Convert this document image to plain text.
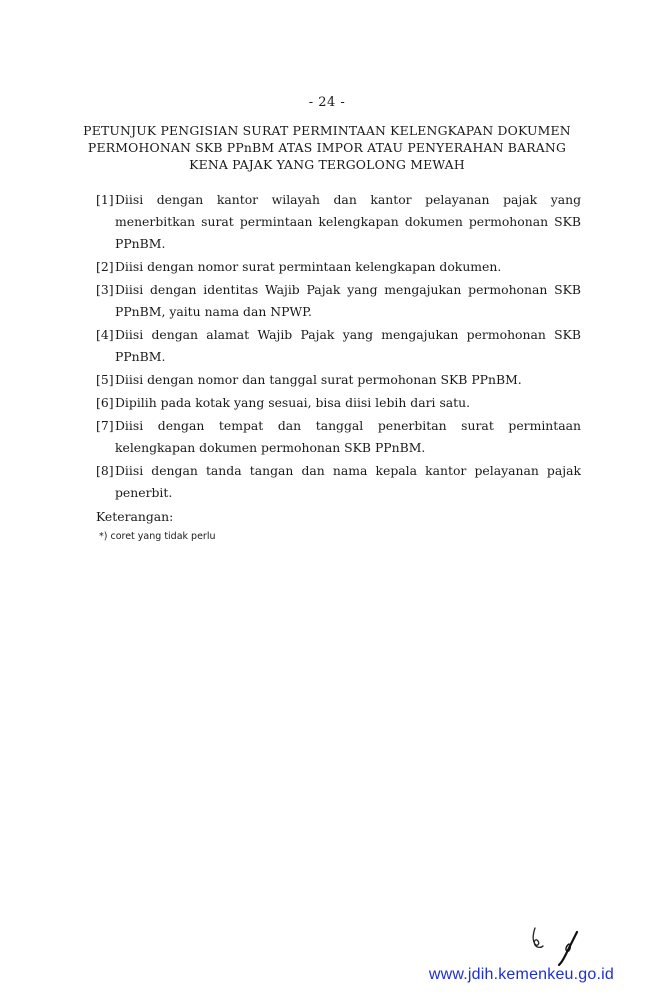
- 24 -
PETUNJUK PENGISIAN SURAT PERMINTAAN KELENGKAPAN DOKUMEN
PERMOHONAN SKB PPnBM ATAS IMPOR ATAU PENYERAHAN BARANG
KENA PAJAK YANG TERGOLONG MEWAH
[1] Diisi dengan kantor wilayah dan kantor pelayanan pajak yang menerbitkan surat permintaan kelengkapan dokumen permohonan SKB PPnBM.
[2] Diisi dengan nomor surat permintaan kelengkapan dokumen.
[3] Diisi dengan identitas Wajib Pajak yang mengajukan permohonan SKB PPnBM, yaitu nama dan NPWP.
[4] Diisi dengan alamat Wajib Pajak yang mengajukan permohonan SKB PPnBM.
[5] Diisi dengan nomor dan tanggal surat permohonan SKB PPnBM.
[6] Dipilih pada kotak yang sesuai, bisa diisi lebih dari satu.
[7] Diisi dengan tempat dan tanggal penerbitan surat permintaan kelengkapan dokumen permohonan SKB PPnBM.
[8] Diisi dengan tanda tangan dan nama kepala kantor pelayanan pajak penerbit.
Keterangan:
*) coret yang tidak perlu
www.jdih.kemenkeu.go.id
